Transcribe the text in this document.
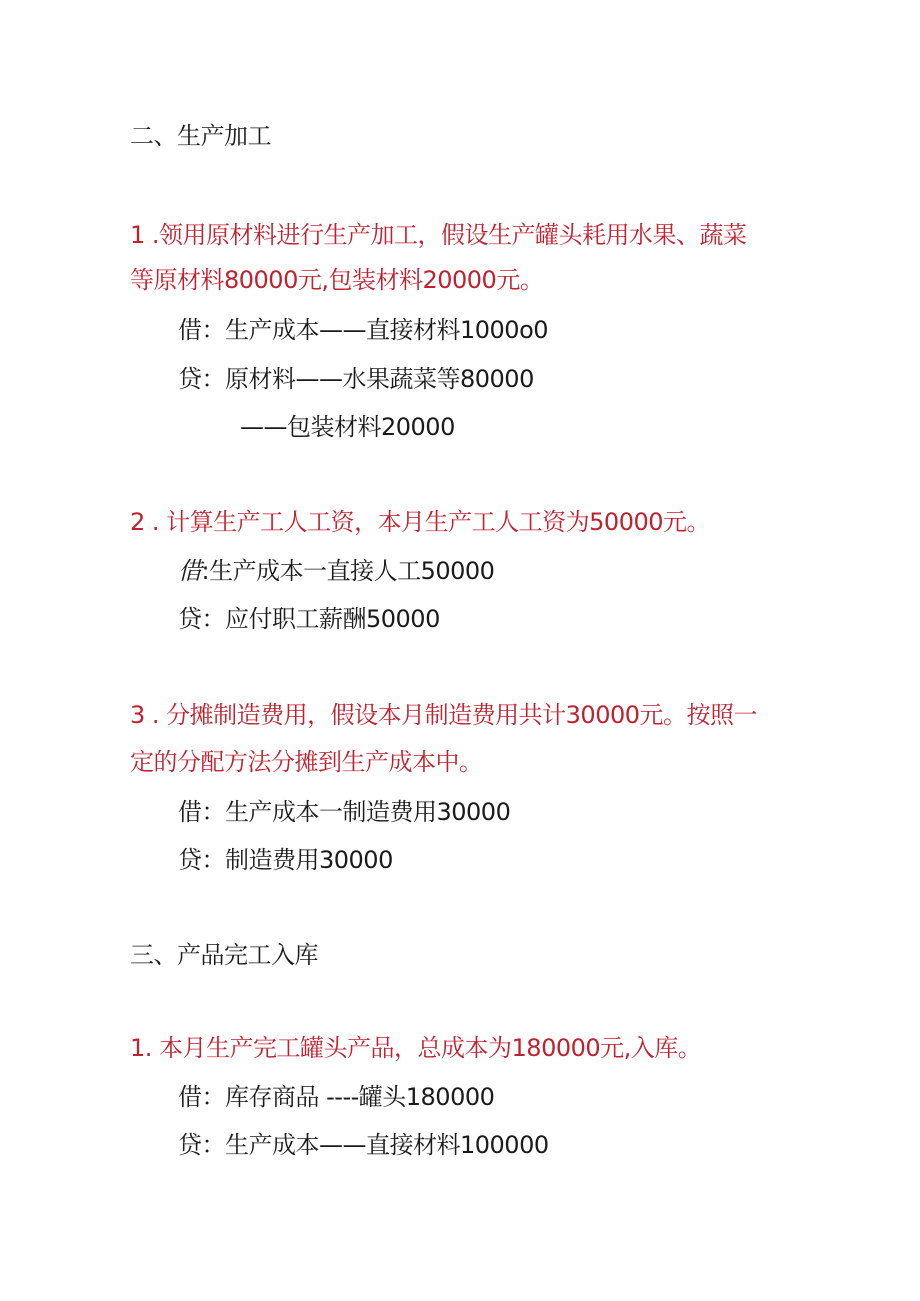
二、生产加工
1 .领用原材料进行生产加工，假设生产罐头耗用水果、蔬菜
等原材料80000元,包装材料20000元。
借：生产成本——直接材料1000o0
贷：原材料——水果蔬菜等80000
——包装材料20000
2 . 计算生产工人工资，本月生产工人工资为50000元。
借:生产成本一直接人工50000
贷：应付职工薪酬50000
3 . 分摊制造费用，假设本月制造费用共计30000元。按照一
定的分配方法分摊到生产成本中。
借：生产成本一制造费用30000
贷：制造费用30000
三、产品完工入库
1. 本月生产完工罐头产品，总成本为180000元,入库。
借：库存商品 ----罐头180000
贷：生产成本——直接材料100000
